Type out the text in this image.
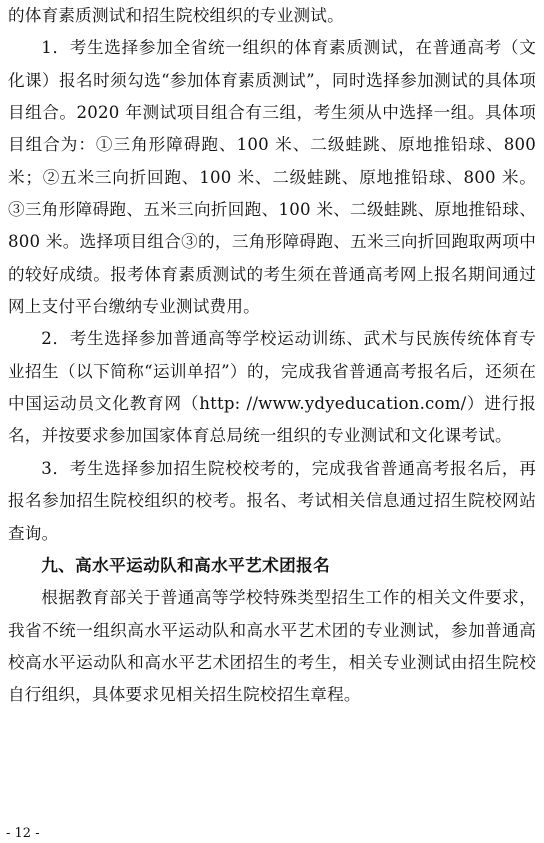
的体育素质测试和招生院校组织的专业测试。

1．考生选择参加全省统一组织的体育素质测试，在普通高考（文化课）报名时须勾选“参加体育素质测试”，同时选择参加测试的具体项目组合。2020 年测试项目组合有三组，考生须从中选择一组。具体项目组合为：①三角形障碍跑、100 米、二级蛙跳、原地推铅球、800 米；②五米三向折回跑、100 米、二级蛙跳、原地推铅球、800 米。③三角形障碍跑、五米三向折回跑、100 米、二级蛙跳、原地推铅球、800 米。选择项目组合③的，三角形障碍跑、五米三向折回跑取两项中的较好成绩。报考体育素质测试的考生须在普通高考网上报名期间通过网上支付平台缴纳专业测试费用。

2．考生选择参加普通高等学校运动训练、武术与民族传统体育专业招生（以下简称“运训单招”）的，完成我省普通高考报名后，还须在中国运动员文化教育网（http: //www.ydyeducation.com/）进行报名，并按要求参加国家体育总局统一组织的专业测试和文化课考试。

3．考生选择参加招生院校校考的，完成我省普通高考报名后，再报名参加招生院校组织的校考。报名、考试相关信息通过招生院校网站查询。

九、高水平运动队和高水平艺术团报名

根据教育部关于普通高等学校特殊类型招生工作的相关文件要求，我省不统一组织高水平运动队和高水平艺术团的专业测试，参加普通高校高水平运动队和高水平艺术团招生的考生，相关专业测试由招生院校自行组织，具体要求见相关招生院校招生章程。

- 12 -
